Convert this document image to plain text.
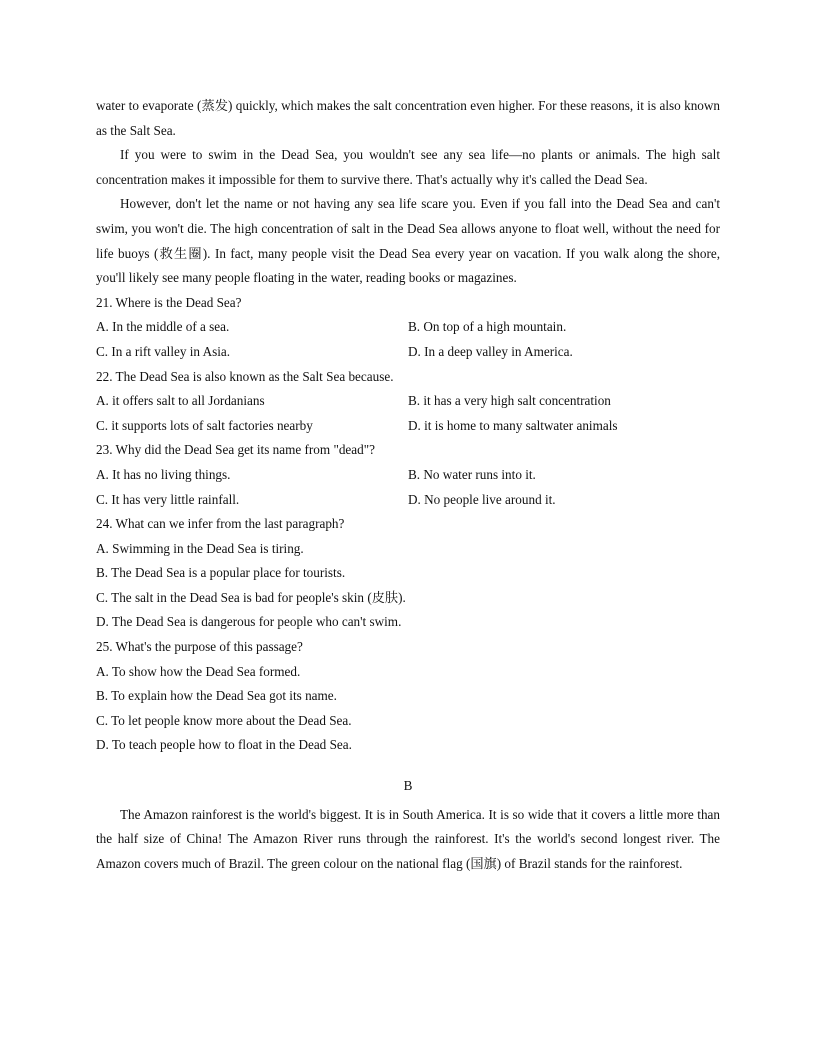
water to evaporate (蒸发) quickly, which makes the salt concentration even higher. For these reasons, it is also known as the Salt Sea.

If you were to swim in the Dead Sea, you wouldn't see any sea life—no plants or animals. The high salt concentration makes it impossible for them to survive there. That's actually why it's called the Dead Sea.

However, don't let the name or not having any sea life scare you. Even if you fall into the Dead Sea and can't swim, you won't die. The high concentration of salt in the Dead Sea allows anyone to float well, without the need for life buoys (救生圈). In fact, many people visit the Dead Sea every year on vacation. If you walk along the shore, you'll likely see many people floating in the water, reading books or magazines.

21. Where is the Dead Sea?

A. In the middle of a sea.	B. On top of a high mountain.

C. In a rift valley in Asia.	D. In a deep valley in America.

22. The Dead Sea is also known as the Salt Sea because.

A. it offers salt to all Jordanians	B. it has a very high salt concentration

C. it supports lots of salt factories nearby	D. it is home to many saltwater animals

23. Why did the Dead Sea get its name from "dead"?

A. It has no living things.	B. No water runs into it.

C. It has very little rainfall.	D. No people live around it.

24. What can we infer from the last paragraph?

A. Swimming in the Dead Sea is tiring.

B. The Dead Sea is a popular place for tourists.

C. The salt in the Dead Sea is bad for people's skin (皮肤).

D. The Dead Sea is dangerous for people who can't swim.

25. What's the purpose of this passage?

A. To show how the Dead Sea formed.

B. To explain how the Dead Sea got its name.

C. To let people know more about the Dead Sea.

D. To teach people how to float in the Dead Sea.

B

The Amazon rainforest is the world's biggest. It is in South America. It is so wide that it covers a little more than the half size of China! The Amazon River runs through the rainforest. It's the world's second longest river. The Amazon covers much of Brazil. The green colour on the national flag (国旗) of Brazil stands for the rainforest.
